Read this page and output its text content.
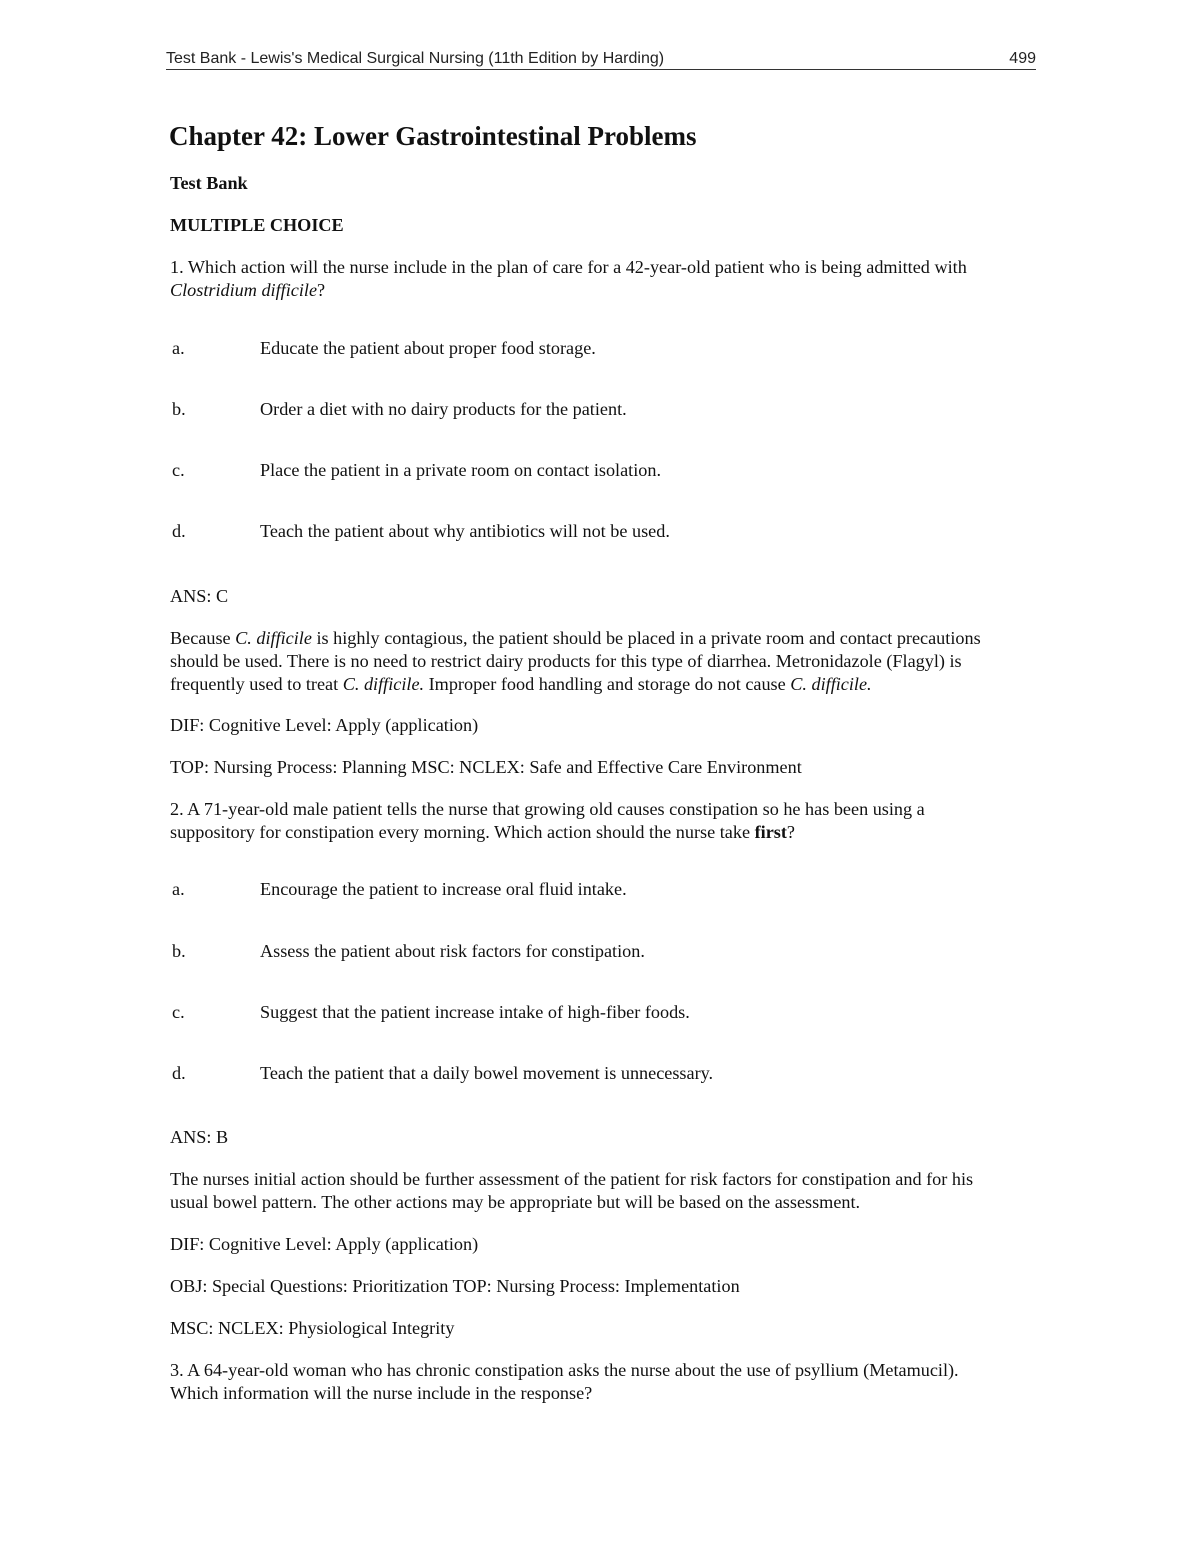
Test Bank - Lewis's Medical Surgical Nursing (11th Edition by Harding)	499
Chapter 42: Lower Gastrointestinal Problems
Test Bank
MULTIPLE CHOICE
1. Which action will the nurse include in the plan of care for a 42-year-old patient who is being admitted with
Clostridium difficile?
a.	Educate the patient about proper food storage.
b.	Order a diet with no dairy products for the patient.
c.	Place the patient in a private room on contact isolation.
d.	Teach the patient about why antibiotics will not be used.
ANS: C
Because C. difficile is highly contagious, the patient should be placed in a private room and contact precautions
should be used. There is no need to restrict dairy products for this type of diarrhea. Metronidazole (Flagyl) is
frequently used to treat C. difficile. Improper food handling and storage do not cause C. difficile.
DIF: Cognitive Level: Apply (application)
TOP: Nursing Process: Planning MSC: NCLEX: Safe and Effective Care Environment
2. A 71-year-old male patient tells the nurse that growing old causes constipation so he has been using a
suppository for constipation every morning. Which action should the nurse take first?
a.	Encourage the patient to increase oral fluid intake.
b.	Assess the patient about risk factors for constipation.
c.	Suggest that the patient increase intake of high-fiber foods.
d.	Teach the patient that a daily bowel movement is unnecessary.
ANS: B
The nurses initial action should be further assessment of the patient for risk factors for constipation and for his
usual bowel pattern. The other actions may be appropriate but will be based on the assessment.
DIF: Cognitive Level: Apply (application)
OBJ: Special Questions: Prioritization TOP: Nursing Process: Implementation
MSC: NCLEX: Physiological Integrity
3. A 64-year-old woman who has chronic constipation asks the nurse about the use of psyllium (Metamucil).
Which information will the nurse include in the response?
